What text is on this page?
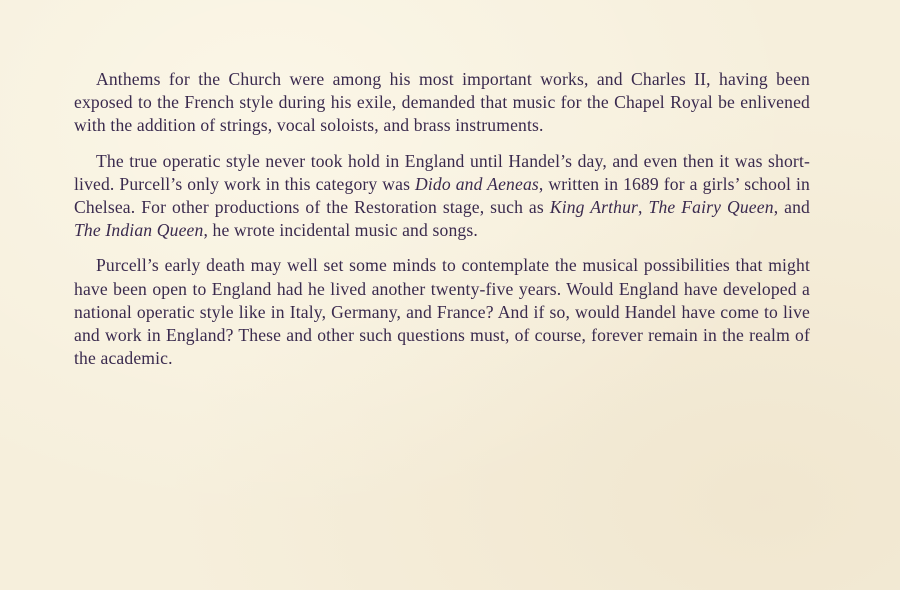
Anthems for the Church were among his most important works, and Charles II, having been exposed to the French style during his exile, demanded that music for the Chapel Royal be enlivened with the addition of strings, vocal soloists, and brass instruments.

The true operatic style never took hold in England until Handel’s day, and even then it was short-lived. Purcell’s only work in this category was Dido and Aeneas, written in 1689 for a girls’ school in Chelsea. For other productions of the Restoration stage, such as King Arthur, The Fairy Queen, and The Indian Queen, he wrote incidental music and songs.

Purcell’s early death may well set some minds to contemplate the musical possibilities that might have been open to England had he lived another twenty-five years. Would England have developed a national operatic style like in Italy, Germany, and France? And if so, would Handel have come to live and work in England? These and other such questions must, of course, forever remain in the realm of the academic.
